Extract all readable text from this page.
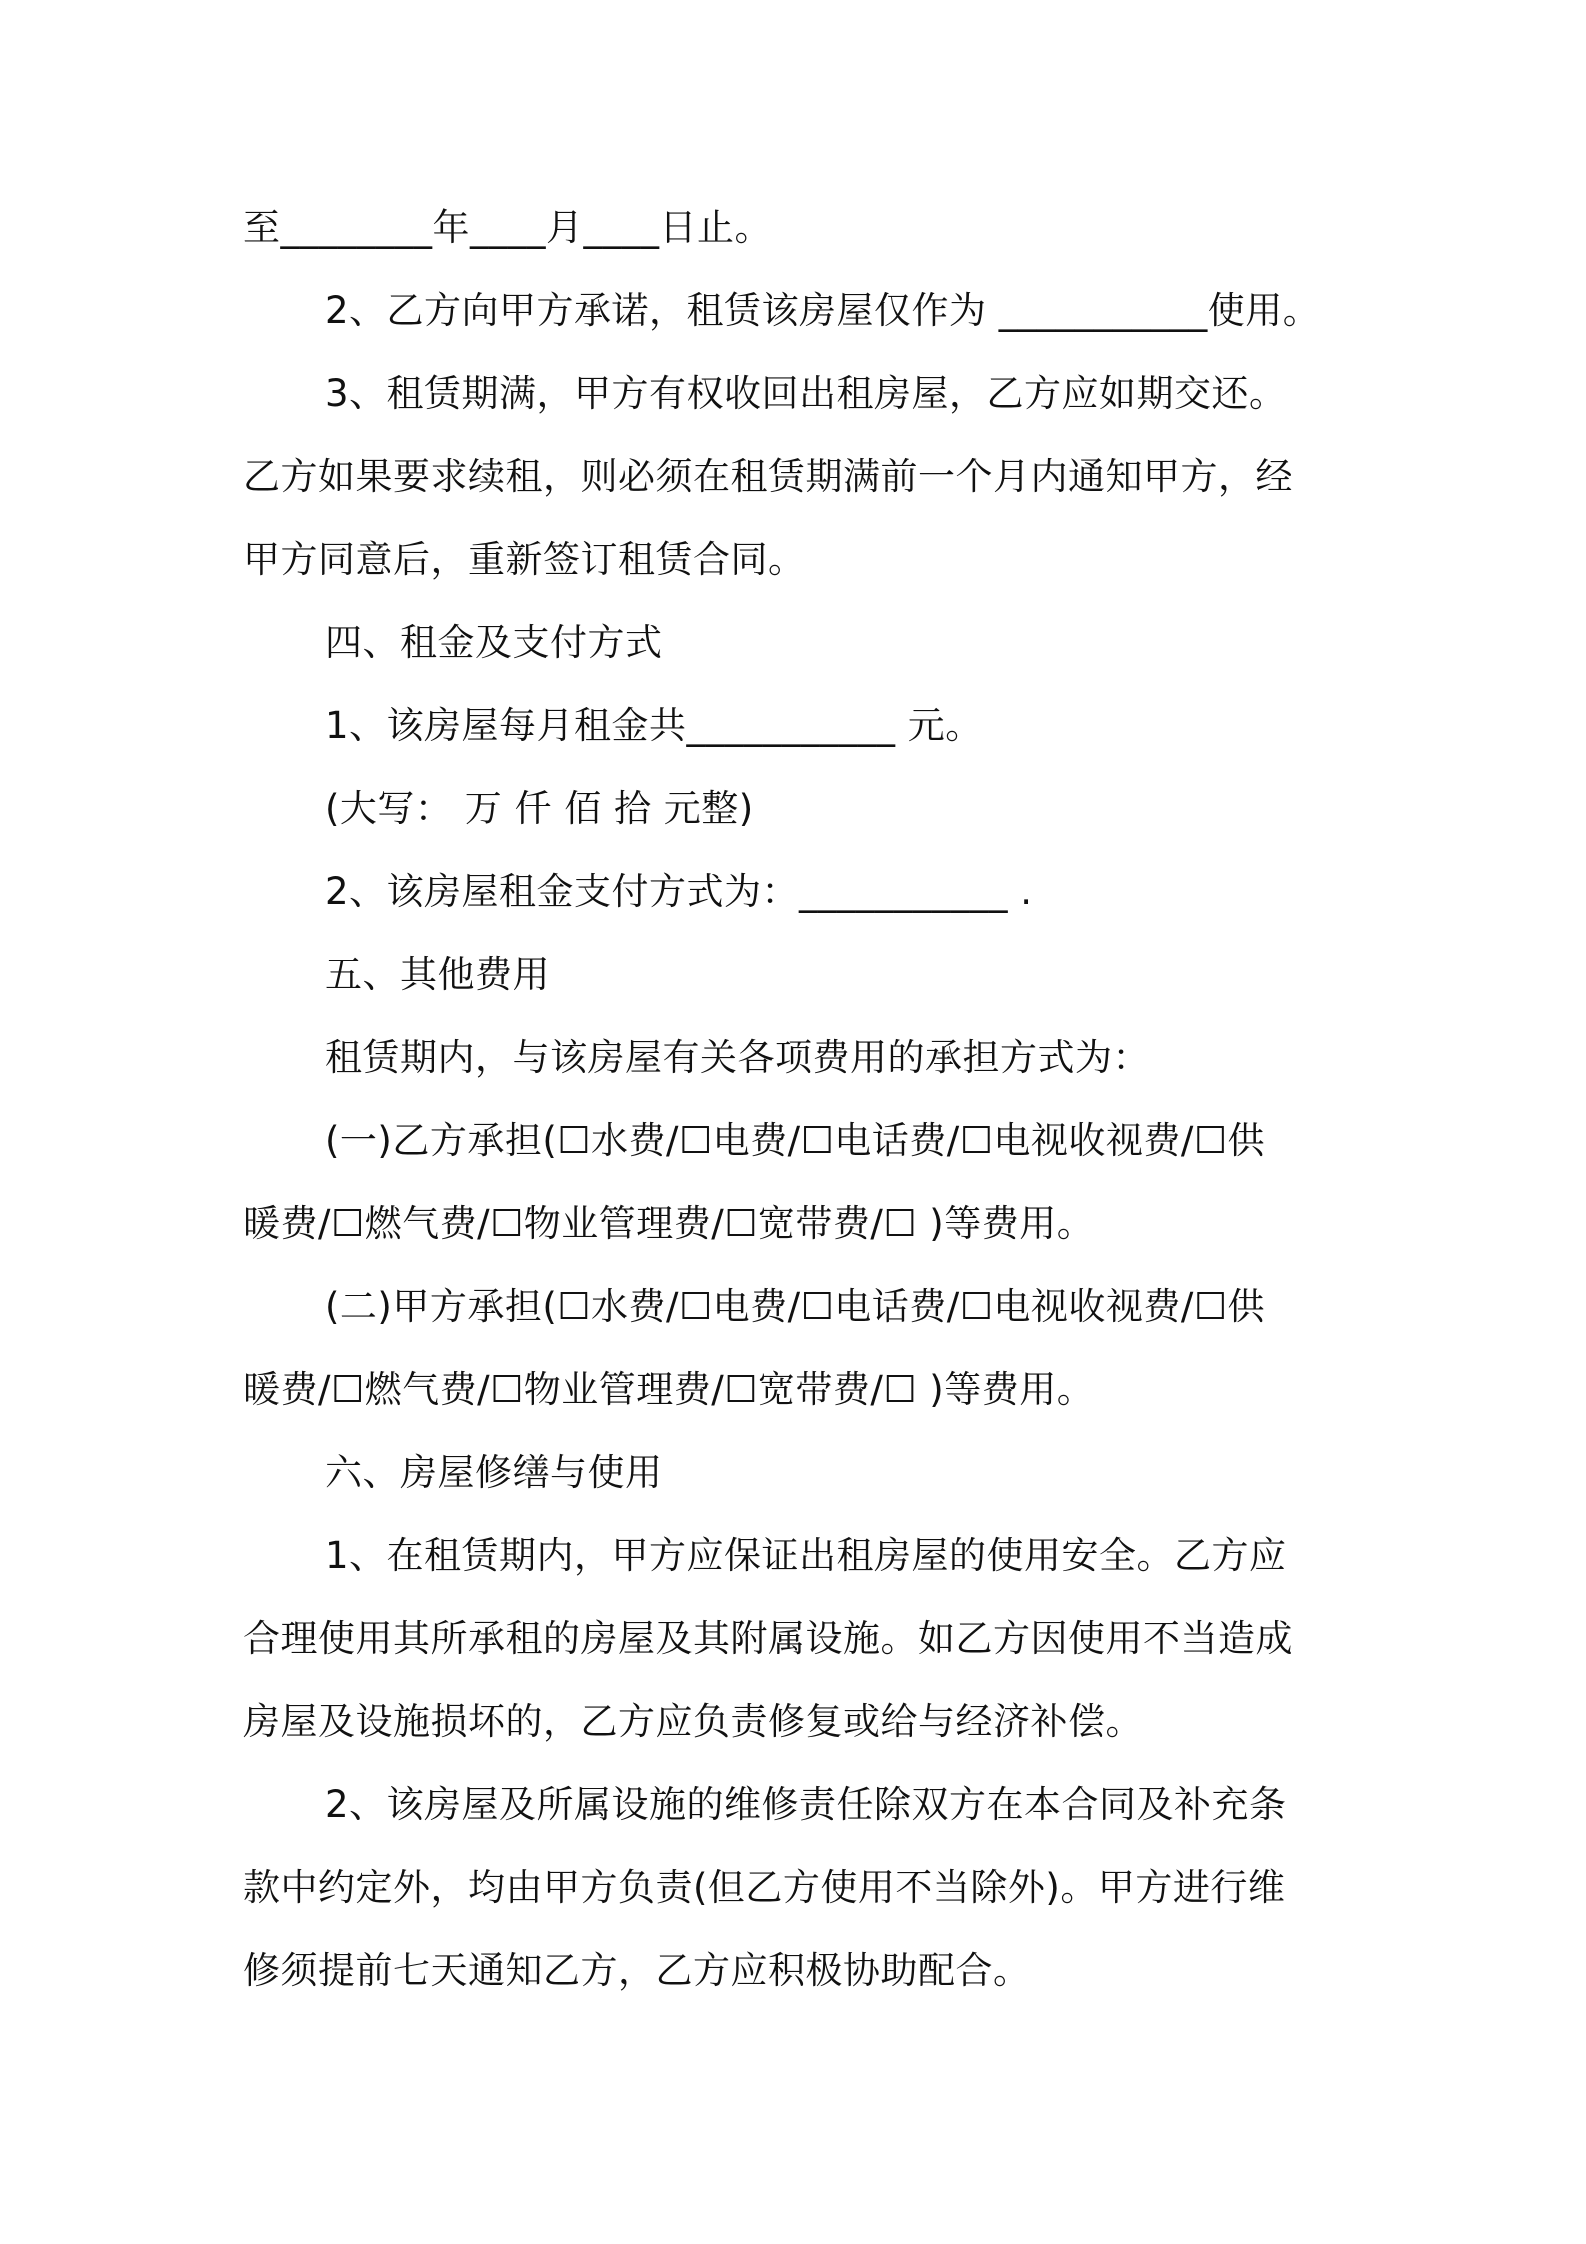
至________年____月____日止。
2、乙方向甲方承诺，租赁该房屋仅作为 ___________使用。
3、租赁期满，甲方有权收回出租房屋，乙方应如期交还。
乙方如果要求续租，则必须在租赁期满前一个月内通知甲方，经
甲方同意后，重新签订租赁合同。
四、租金及支付方式
1、该房屋每月租金共___________ 元。
(大写： 万 仟 佰 拾 元整)
2、该房屋租金支付方式为：___________ .
五、其他费用
租赁期内，与该房屋有关各项费用的承担方式为：
(一)乙方承担(☐水费/☐电费/☐电话费/☐电视收视费/☐供
暖费/☐燃气费/☐物业管理费/☐宽带费/☐ )等费用。
(二)甲方承担(☐水费/☐电费/☐电话费/☐电视收视费/☐供
暖费/☐燃气费/☐物业管理费/☐宽带费/☐ )等费用。
六、房屋修缮与使用
1、在租赁期内，甲方应保证出租房屋的使用安全。乙方应
合理使用其所承租的房屋及其附属设施。如乙方因使用不当造成
房屋及设施损坏的，乙方应负责修复或给与经济补偿。
2、该房屋及所属设施的维修责任除双方在本合同及补充条
款中约定外，均由甲方负责(但乙方使用不当除外)。甲方进行维
修须提前七天通知乙方，乙方应积极协助配合。
